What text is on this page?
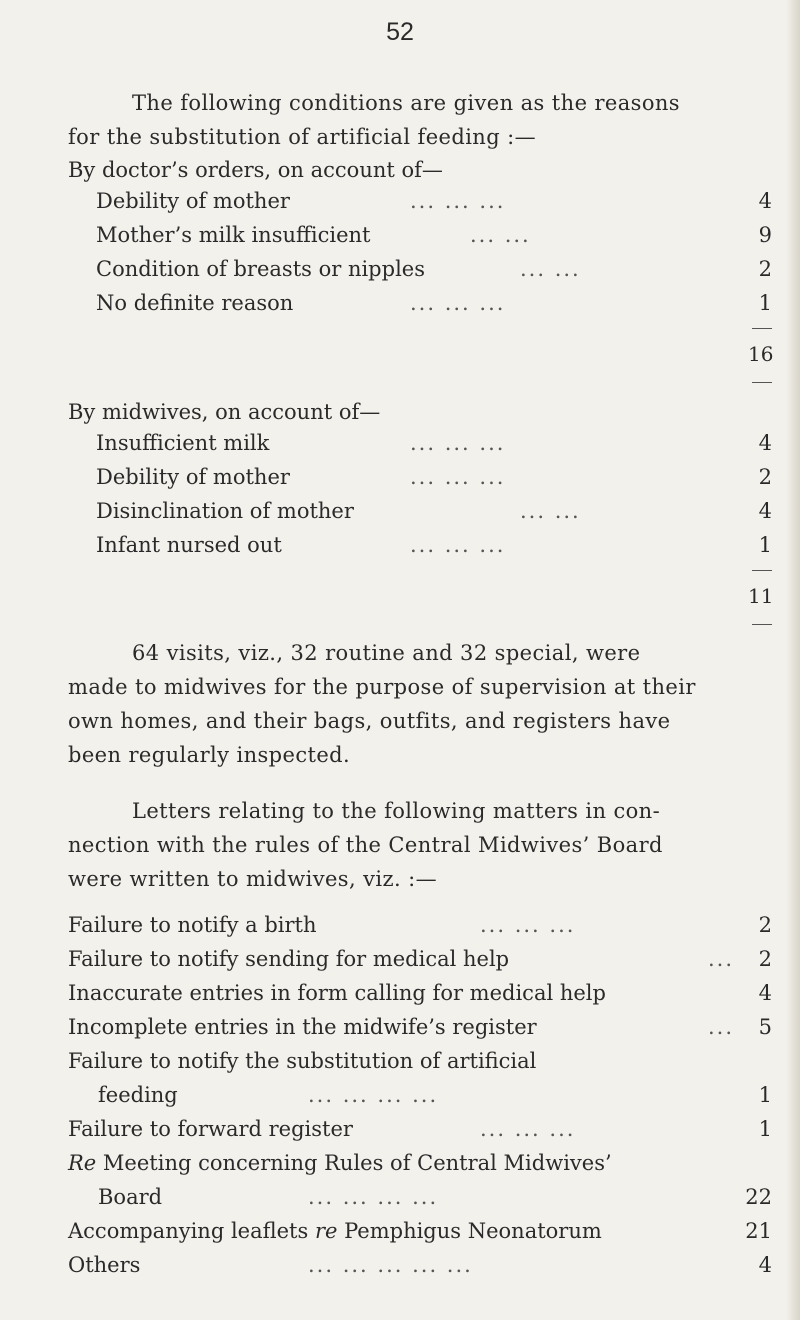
52
The following conditions are given as the reasons
for the substitution of artificial feeding :—
By doctor’s orders, on account of—
Debility of mother	... ... ...	4
Mother’s milk insufficient	... ...	9
Condition of breasts or nipples	... ...	2
No definite reason	... ... ...	1
16
By midwives, on account of—
Insufficient milk	... ... ...	4
Debility of mother	... ... ...	2
Disinclination of mother	... ...	4
Infant nursed out	... ... ...	1
11
64 visits, viz., 32 routine and 32 special, were
made to midwives for the purpose of supervision at their
own homes, and their bags, outfits, and registers have
been regularly inspected.
Letters relating to the following matters in con-
nection with the rules of the Central Midwives’ Board
were written to midwives, viz. :—
Failure to notify a birth	... ... ...	2
Failure to notify sending for medical help	... 2
Inaccurate entries in form calling for medical help	4
Incomplete entries in the midwife’s register	... 5
Failure to notify the substitution of artificial
feeding	... ... ... ...	1
Failure to forward register	... ... ...	1
Re Meeting concerning Rules of Central Midwives’
Board	... ... ... ...	22
Accompanying leaflets re Pemphigus Neonatorum	21
Others	... ... ... ... ...	4
